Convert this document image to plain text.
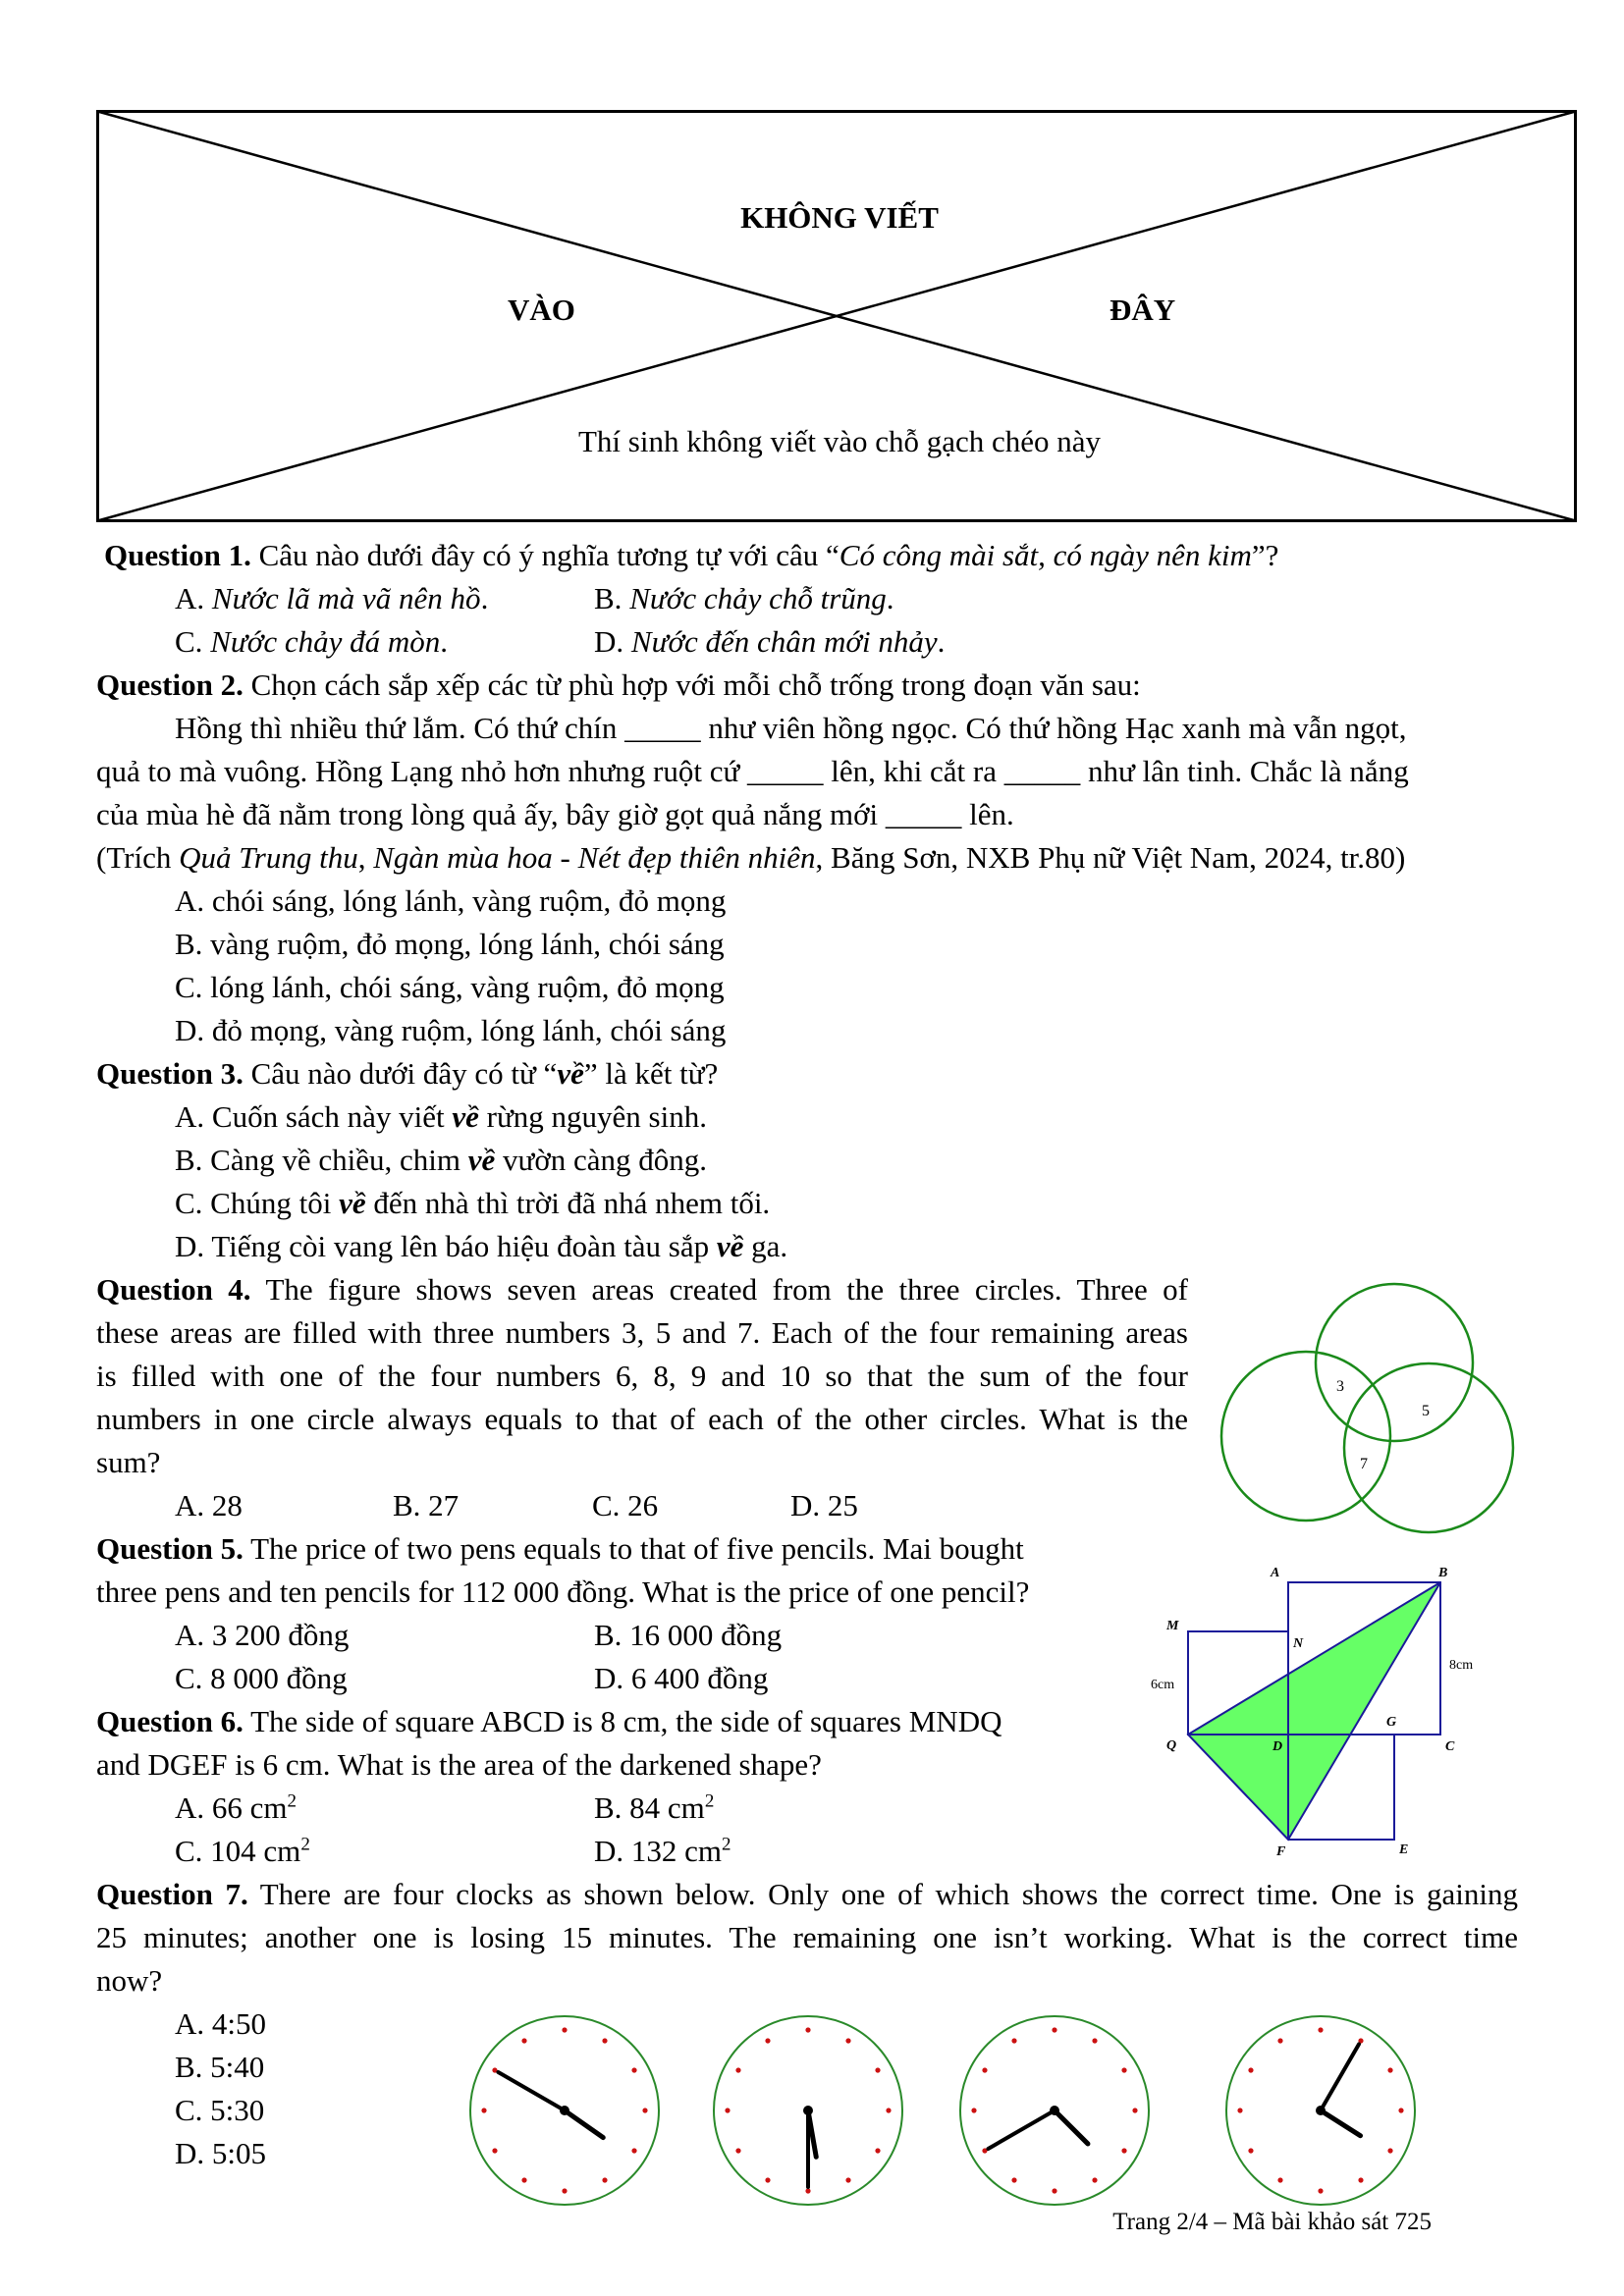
KHÔNG VIẾT
VÀO	ĐÂY
Thí sinh không viết vào chỗ gạch chéo này
Question 1. Câu nào dưới đây có ý nghĩa tương tự với câu “Có công mài sắt, có ngày nên kim”?
A. Nước lã mà vã nên hồ.	B. Nước chảy chỗ trũng.
C. Nước chảy đá mòn.	D. Nước đến chân mới nhảy.
Question 2. Chọn cách sắp xếp các từ phù hợp với mỗi chỗ trống trong đoạn văn sau:
Hồng thì nhiều thứ lắm. Có thứ chín _____ như viên hồng ngọc. Có thứ hồng Hạc xanh mà vẫn ngọt,
quả to mà vuông. Hồng Lạng nhỏ hơn nhưng ruột cứ _____ lên, khi cắt ra _____ như lân tinh. Chắc là nắng
của mùa hè đã nằm trong lòng quả ấy, bây giờ gọt quả nắng mới _____ lên.
(Trích Quả Trung thu, Ngàn mùa hoa - Nét đẹp thiên nhiên, Băng Sơn, NXB Phụ nữ Việt Nam, 2024, tr.80)
A. chói sáng, lóng lánh, vàng ruộm, đỏ mọng
B. vàng ruộm, đỏ mọng, lóng lánh, chói sáng
C. lóng lánh, chói sáng, vàng ruộm, đỏ mọng
D. đỏ mọng, vàng ruộm, lóng lánh, chói sáng
Question 3. Câu nào dưới đây có từ “về” là kết từ?
A. Cuốn sách này viết về rừng nguyên sinh.
B. Càng về chiều, chim về vườn càng đông.
C. Chúng tôi về đến nhà thì trời đã nhá nhem tối.
D. Tiếng còi vang lên báo hiệu đoàn tàu sắp về ga.
Question 4. The figure shows seven areas created from the three circles. Three of
these areas are filled with three numbers 3, 5 and 7. Each of the four remaining areas
is filled with one of the four numbers 6, 8, 9 and 10 so that the sum of the four
numbers in one circle always equals to that of each of the other circles. What is the
sum?
A. 28	B. 27	C. 26	D. 25
3
5
7
Question 5. The price of two pens equals to that of five pencils. Mai bought
three pens and ten pencils for 112 000 đồng. What is the price of one pencil?
A. 3 200 đồng	B. 16 000 đồng
C. 8 000 đồng	D. 6 400 đồng
Question 6. The side of square ABCD is 8 cm, the side of squares MNDQ
and DGEF is 6 cm. What is the area of the darkened shape?
A. 66 $cm^2$	B. 84 $cm^2$
C. 104 $cm^2$	D. 132 $cm^2$
A	B
C
D
E
F
G
M
N
Q
8cm
6cm
Question 7. There are four clocks as shown below. Only one of which shows the correct time. One is gaining
25 minutes; another one is losing 15 minutes. The remaining one isn’t working. What is the correct time
now?
A. 4:50
B. 5:40
C. 5:30
D. 5:05
Trang 2/4 – Mã bài khảo sát 725
